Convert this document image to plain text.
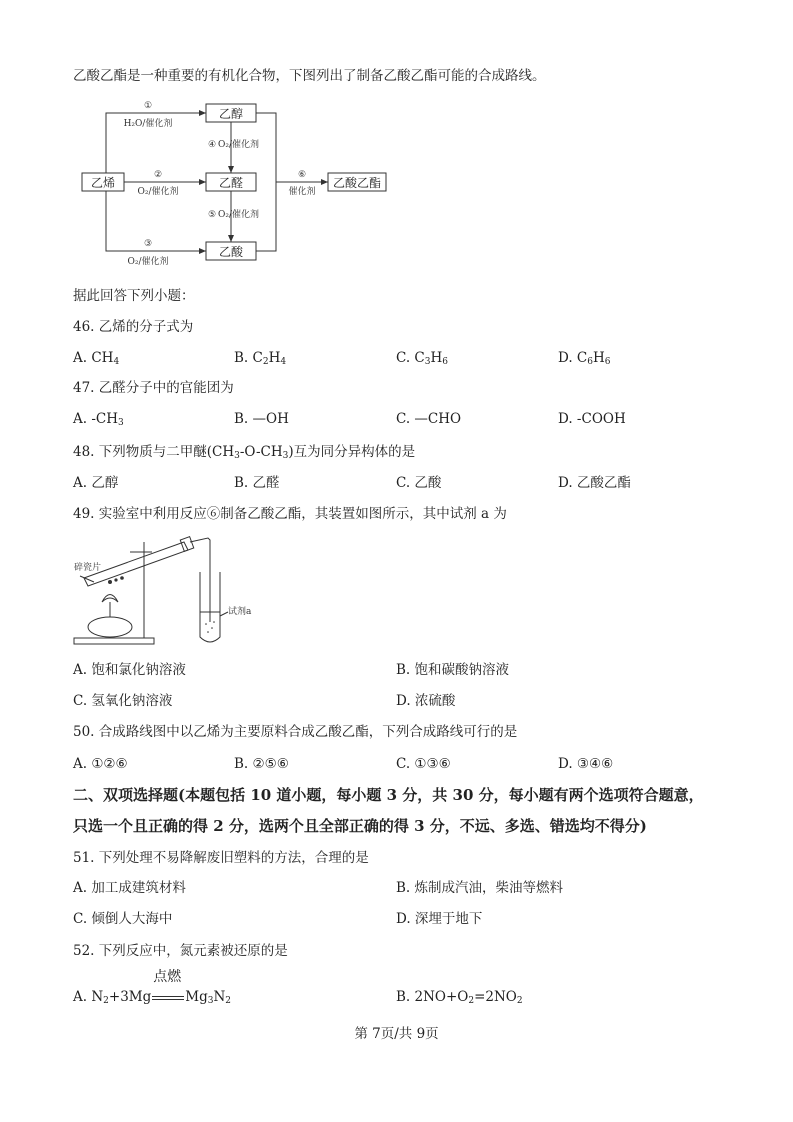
乙酸乙酯是一种重要的有机化合物，下图列出了制备乙酸乙酯可能的合成路线。
乙烯
乙醇
乙醛
乙酸
乙酸乙酯
①
H₂O/催化剂
②
O₂/催化剂
③
O₂/催化剂
④ O₂/催化剂
⑤ O₂/催化剂
⑥
催化剂
据此回答下列小题：
46. 乙烯的分子式为
A. $CH_4$	B. $C_2H_4$	C. $C_3H_6$	D. $C_6H_6$
47. 乙醛分子中的官能团为
A. $-CH_3$	B. —OH	C. —CHO	D. -COOH
48. 下列物质与二甲醚$(CH_3-O-CH_3)$互为同分异构体的是
A. 乙醇	B. 乙醛	C. 乙酸	D. 乙酸乙酯
49. 实验室中利用反应⑥制备乙酸乙酯，其装置如图所示，其中试剂 a 为
碎瓷片
试剂a
A. 饱和氯化钠溶液	B. 饱和碳酸钠溶液
C. 氢氧化钠溶液	D. 浓硫酸
50. 合成路线图中以乙烯为主要原料合成乙酸乙酯，下列合成路线可行的是
A. ①②⑥	B. ②⑤⑥	C. ①③⑥	D. ③④⑥
二、双项选择题(本题包括 10 道小题，每小题 3 分，共 30 分，每小题有两个选项符合题意，
只选一个且正确的得 2 分，选两个且全部正确的得 3 分，不远、多选、错选均不得分)
51. 下列处理不易降解废旧塑料的方法，合理的是
A. 加工成建筑材料	B. 炼制成汽油，柴油等燃料
C. 倾倒人大海中	D. 深埋于地下
52. 下列反应中，氮元素被还原的是
A. $N_2+3Mg$
点燃
$Mg_3N_2$	B. $2NO+O_2=2NO_2$
第 7页/共 9页
